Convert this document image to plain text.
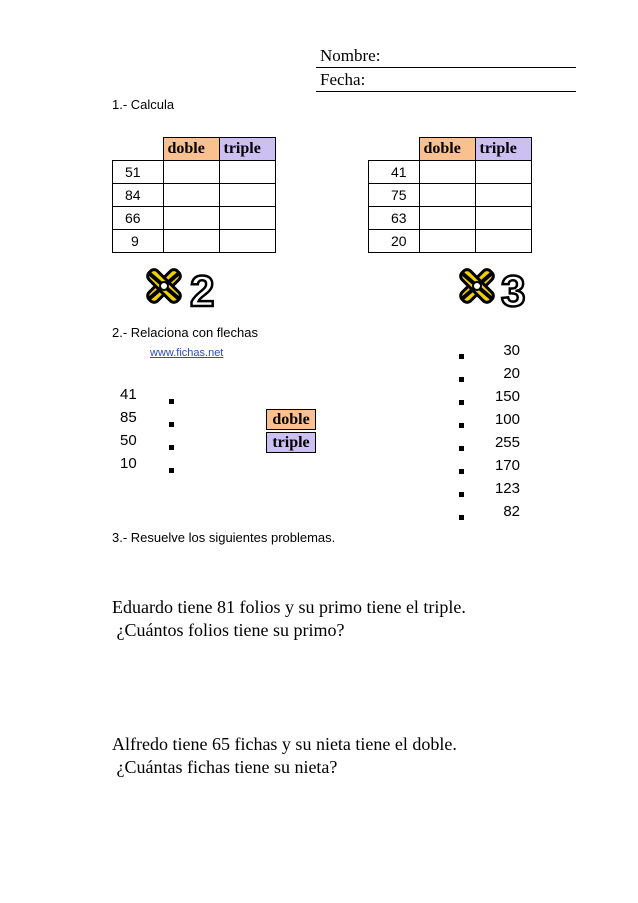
Nombre:
Fecha:
1.- Calcula
	doble	triple
51		
84		
66		
9		
	doble	triple
41		
75		
63		
20		
2	3
2.- Relaciona con flechas
www.fichas.net
41
85
50
10
doble
triple
30
20
150
100
255
170
123
82
3.- Resuelve los siguientes problemas.
Eduardo tiene 81 folios y su primo tiene el triple.
¿Cuántos folios tiene su primo?
Alfredo tiene 65 fichas y su nieta tiene el doble.
¿Cuántas fichas tiene su nieta?
